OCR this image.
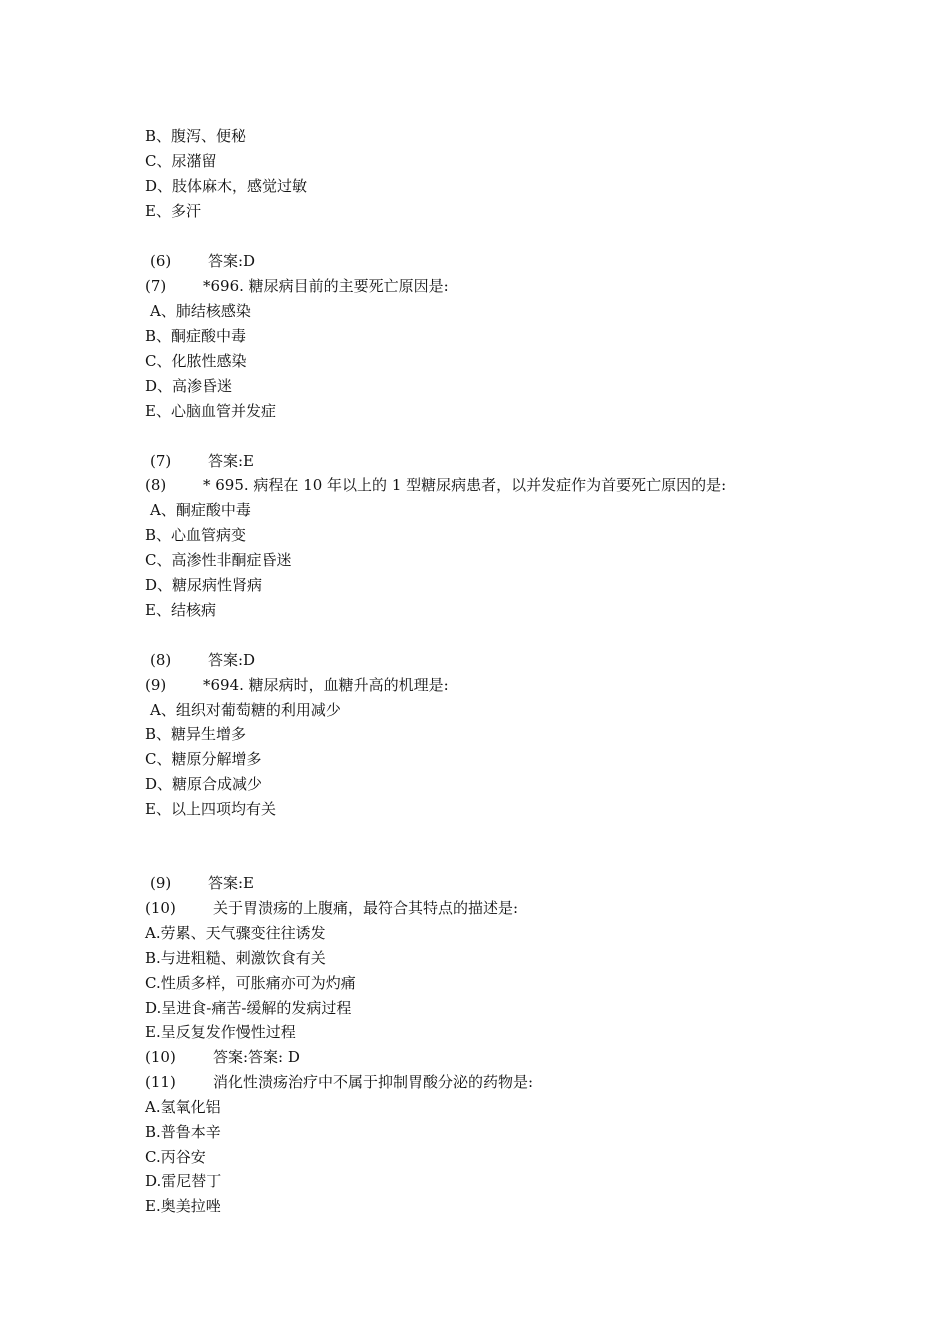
B、腹泻、便秘
C、尿潴留
D、肢体麻木，感觉过敏
E、多汗
(6) 答案:D
(7) *696. 糖尿病目前的主要死亡原因是:
A、肺结核感染
B、酮症酸中毒
C、化脓性感染
D、高渗昏迷
E、心脑血管并发症
(7) 答案:E
(8) * 695. 病程在 10 年以上的 1 型糖尿病患者，以并发症作为首要死亡原因的是:
A、酮症酸中毒
B、心血管病变
C、高渗性非酮症昏迷
D、糖尿病性肾病
E、结核病
(8) 答案:D
(9) *694. 糖尿病时，血糖升高的机理是:
A、组织对葡萄糖的利用减少
B、糖异生增多
C、糖原分解增多
D、糖原合成减少
E、以上四项均有关
(9) 答案:E
(10) 关于胃溃疡的上腹痛，最符合其特点的描述是:
A.劳累、天气骤变往往诱发
B.与进粗糙、刺激饮食有关
C.性质多样，可胀痛亦可为灼痛
D.呈进食-痛苦-缓解的发病过程
E.呈反复发作慢性过程
(10) 答案:答案: D
(11) 消化性溃疡治疗中不属于抑制胃酸分泌的药物是:
A.氢氧化铝
B.普鲁本辛
C.丙谷安
D.雷尼替丁
E.奥美拉唑
